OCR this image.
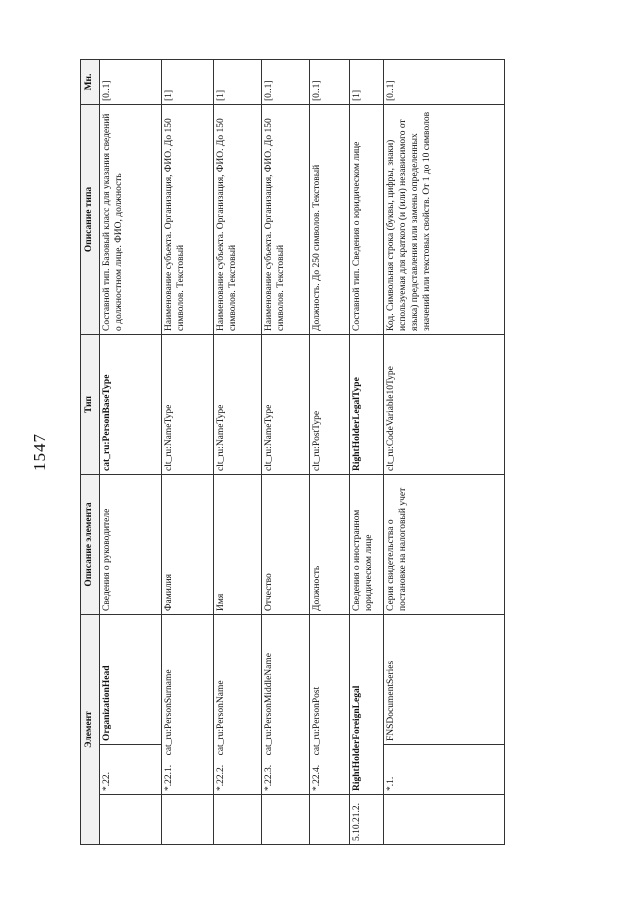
1547
Элемент			Описание элемента	Тип	Описание типа	Мн.
	*.22.	OrganizationHead	Сведения о руководителе	cat_ru:PersonBaseType	Составной тип. Базовый класс для указания сведений о должностном лице. ФИО, должность	[0..1]
	*.22.1.    cat_ru:PersonSurname		Фамилия	clt_ru:NameType	Наименование субъекта. Организация, ФИО. До 150 символов. Текстовый	[1]
	*.22.2.    cat_ru:PersonName		Имя	clt_ru:NameType	Наименование субъекта. Организация, ФИО. До 150 символов. Текстовый	[1]
	*.22.3.    cat_ru:PersonMiddleName		Отчество	clt_ru:NameType	Наименование субъекта. Организация, ФИО. До 150 символов. Текстовый	[0..1]
	*.22.4.    cat_ru:PersonPost		Должность	clt_ru:PostType	Должность. До 250 символов. Текстовый	[0..1]
5.10.21.2.	RightHolderForeignLegal		Сведения о иностранном юридическом лице	RightHolderLegalType	Составной тип. Сведения о юридическом лице	[1]
	*.1.	FNSDocumentSeries	Серия свидетельства о постановке на налоговый учет	clt_ru:CodeVariable10Type	Код. Символьная строка (буквы, цифры, знаки) используемая для краткого (и (или) независимого от языка) представления или замены определенных значений или текстовых свойств. От 1 до 10 символов	[0..1]
